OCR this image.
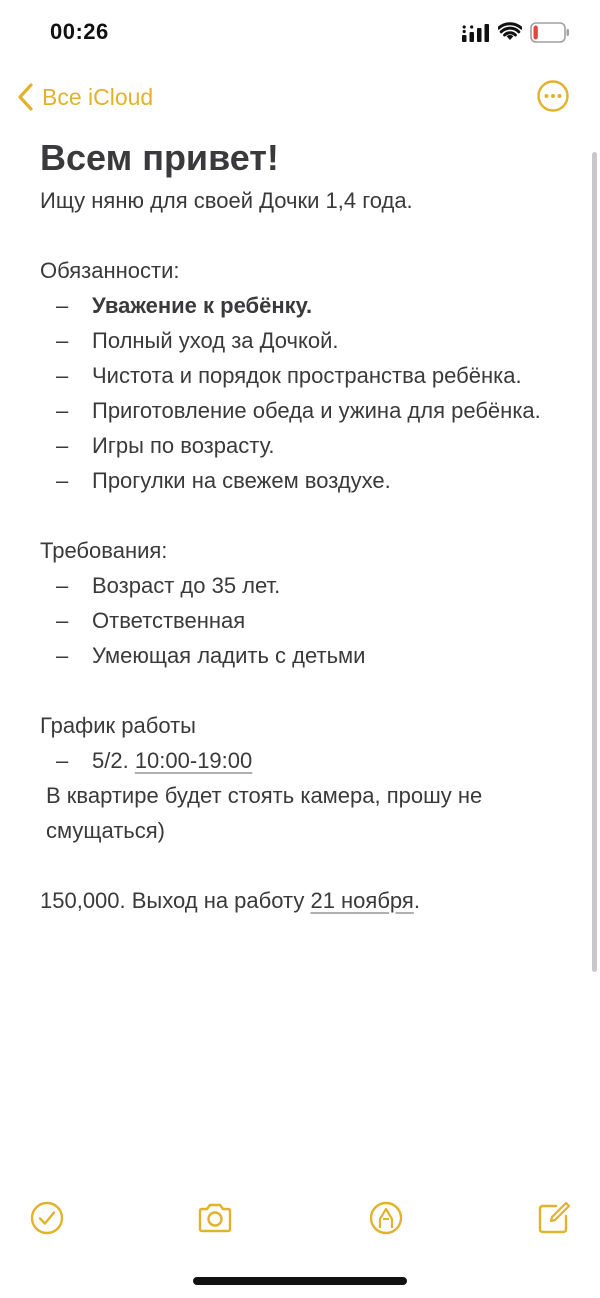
00:26
Все iCloud
Всем привет!
Ищу няню для своей Дочки 1,4 года.
Обязанности:
– Уважение к ребёнку.
– Полный уход за Дочкой.
– Чистота и порядок пространства ребёнка.
– Приготовление обеда и ужина для ребёнка.
– Игры по возрасту.
– Прогулки на свежем воздухе.
Требования:
– Возраст до 35 лет.
– Ответственная
– Умеющая ладить с детьми
График работы
– 5/2. 10:00-19:00
В квартире будет стоять камера, прошу не смущаться)
150,000. Выход на работу 21 ноября.
